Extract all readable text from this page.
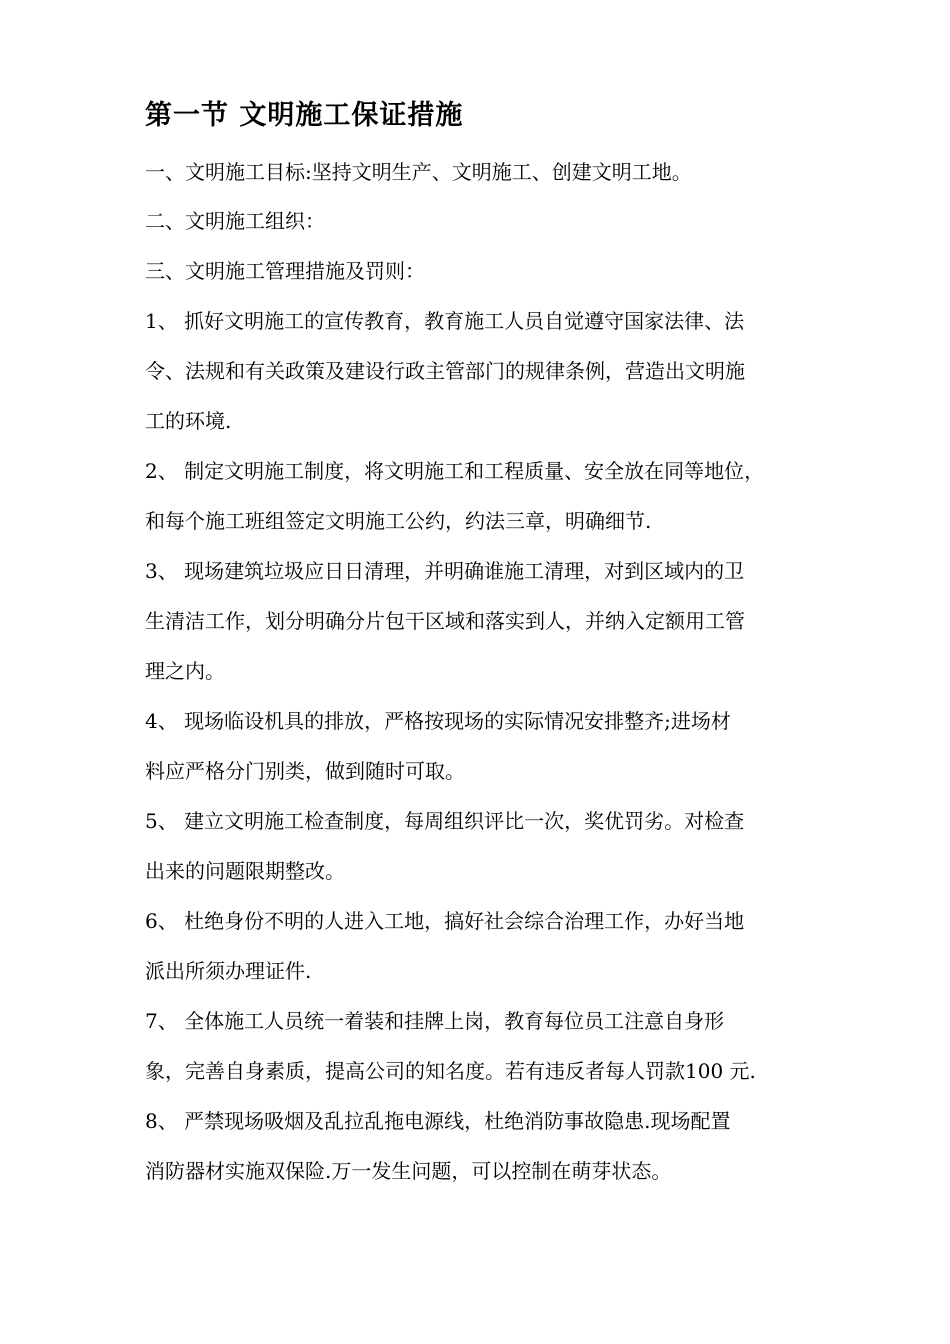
第一节 文明施工保证措施
一、文明施工目标:坚持文明生产、文明施工、创建文明工地。
二、文明施工组织：
三、文明施工管理措施及罚则：
1、 抓好文明施工的宣传教育，教育施工人员自觉遵守国家法律、法
令、法规和有关政策及建设行政主管部门的规律条例，营造出文明施
工的环境.
2、 制定文明施工制度，将文明施工和工程质量、安全放在同等地位，
和每个施工班组签定文明施工公约，约法三章，明确细节.
3、 现场建筑垃圾应日日清理，并明确谁施工清理，对到区域内的卫
生清洁工作，划分明确分片包干区域和落实到人，并纳入定额用工管
理之内。
4、 现场临设机具的排放，严格按现场的实际情况安排整齐;进场材
料应严格分门别类，做到随时可取。
5、 建立文明施工检查制度，每周组织评比一次，奖优罚劣。对检查
出来的问题限期整改。
6、 杜绝身份不明的人进入工地，搞好社会综合治理工作，办好当地
派出所须办理证件.
7、 全体施工人员统一着装和挂牌上岗，教育每位员工注意自身形
象，完善自身素质，提高公司的知名度。若有违反者每人罚款100 元.
8、 严禁现场吸烟及乱拉乱拖电源线，杜绝消防事故隐患.现场配置
消防器材实施双保险.万一发生问题，可以控制在萌芽状态。
